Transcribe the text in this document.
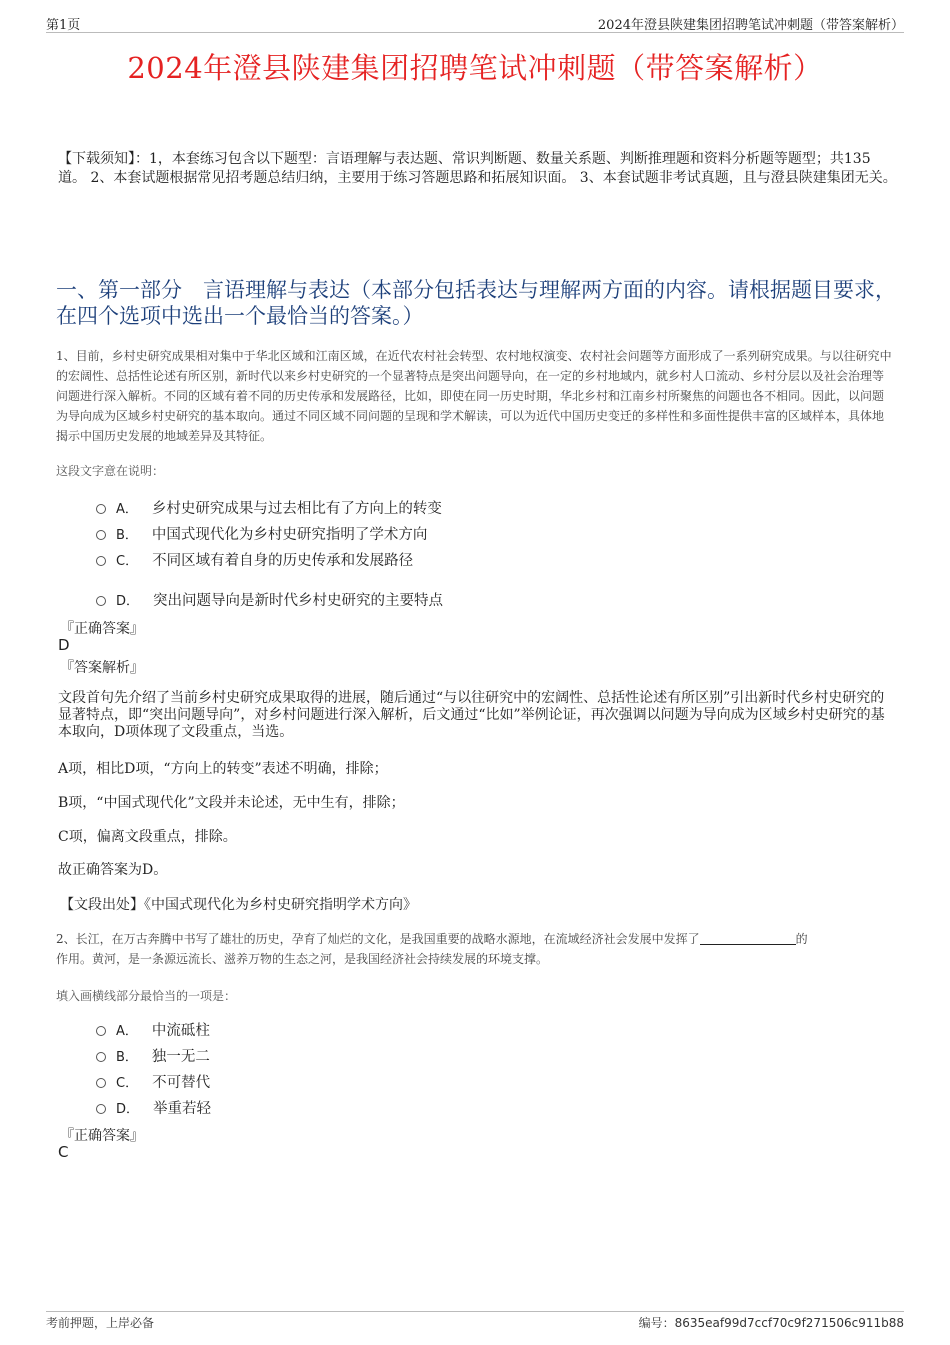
第1页	2024年澄县陕建集团招聘笔试冲刺题（带答案解析）
2024年澄县陕建集团招聘笔试冲刺题（带答案解析）
【下载须知】：1，本套练习包含以下题型：言语理解与表达题、常识判断题、数量关系题、判断推理题和资料分析题等题型；共135道。 2、本套试题根据常见招考题总结归纳，主要用于练习答题思路和拓展知识面。 3、本套试题非考试真题，且与澄县陕建集团无关。
一、第一部分　言语理解与表达（本部分包括表达与理解两方面的内容。请根据题目要求，在四个选项中选出一个最恰当的答案。）
1、目前，乡村史研究成果相对集中于华北区域和江南区域，在近代农村社会转型、农村地权演变、农村社会问题等方面形成了一系列研究成果。与以往研究中的宏阔性、总括性论述有所区别，新时代以来乡村史研究的一个显著特点是突出问题导向，在一定的乡村地域内，就乡村人口流动、乡村分层以及社会治理等问题进行深入解析。不同的区域有着不同的历史传承和发展路径，比如，即使在同一历史时期，华北乡村和江南乡村所聚焦的问题也各不相同。因此，以问题为导向成为区域乡村史研究的基本取向。通过不同区域不同问题的呈现和学术解读，可以为近代中国历史变迁的多样性和多面性提供丰富的区域样本，具体地揭示中国历史发展的地域差异及其特征。
这段文字意在说明：
A． 乡村史研究成果与过去相比有了方向上的转变
B． 中国式现代化为乡村史研究指明了学术方向
C． 不同区域有着自身的历史传承和发展路径
D． 突出问题导向是新时代乡村史研究的主要特点
『正确答案』
D
『答案解析』
文段首句先介绍了当前乡村史研究成果取得的进展，随后通过“与以往研究中的宏阔性、总括性论述有所区别”引出新时代乡村史研究的显著特点，即“突出问题导向”，对乡村问题进行深入解析，后文通过“比如”举例论证，再次强调以问题为导向成为区域乡村史研究的基本取向，D项体现了文段重点，当选。
A项，相比D项，“方向上的转变”表述不明确，排除；
B项，“中国式现代化”文段并未论述，无中生有，排除；
C项，偏离文段重点，排除。
故正确答案为D。
【文段出处】《中国式现代化为乡村史研究指明学术方向》
2、长江，在万古奔腾中书写了雄壮的历史，孕育了灿烂的文化，是我国重要的战略水源地，在流域经济社会发展中发挥了	的
作用。黄河，是一条源远流长、滋养万物的生态之河，是我国经济社会持续发展的环境支撑。
填入画横线部分最恰当的一项是：
A． 中流砥柱
B． 独一无二
C． 不可替代
D． 举重若轻
『正确答案』
C
考前押题，上岸必备	编号：8635eaf99d7ccf70c9f271506c911b88
